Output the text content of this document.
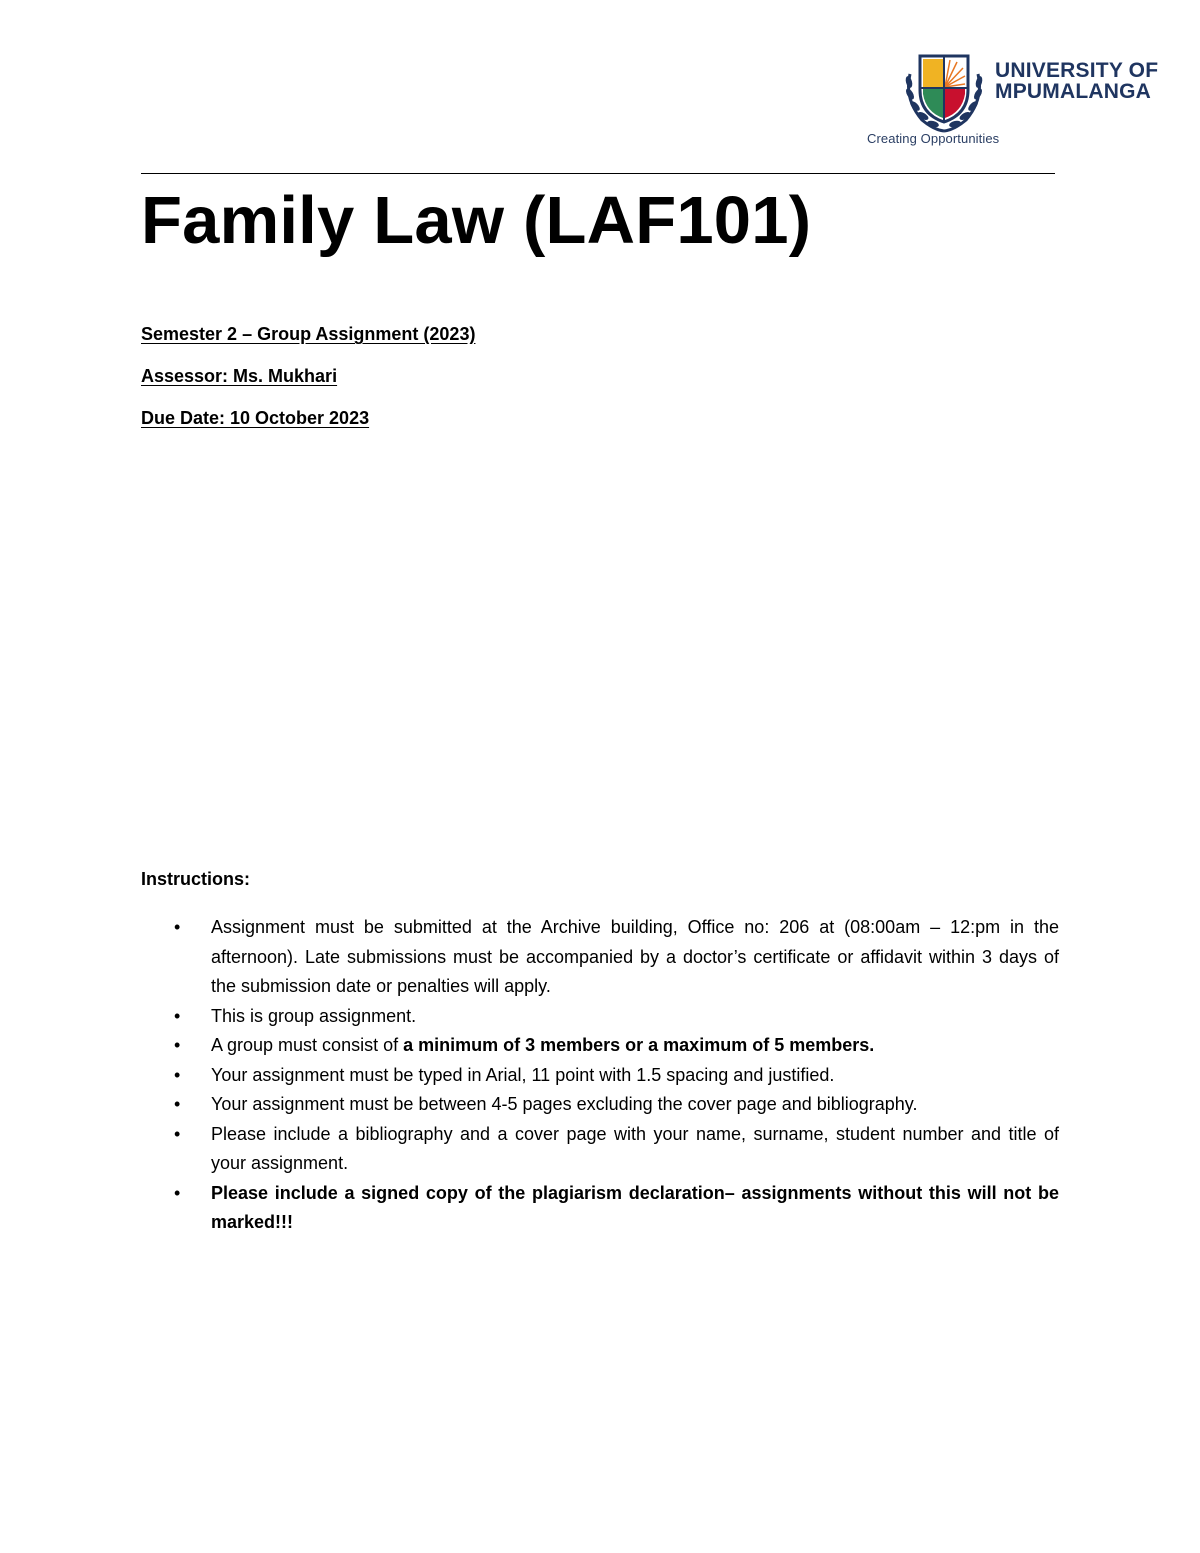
UNIVERSITY OF
MPUMALANGA
Creating Opportunities
Family Law (LAF101)

Semester 2 – Group Assignment (2023)

Assessor: Ms. Mukhari

Due Date: 10 October 2023

Instructions:

• Assignment must be submitted at the Archive building, Office no: 206 at (08:00am – 12:pm in the afternoon). Late submissions must be accompanied by a doctor’s certificate or affidavit within 3 days of the submission date or penalties will apply.
• This is group assignment.
• A group must consist of a minimum of 3 members or a maximum of 5 members.
• Your assignment must be typed in Arial, 11 point with 1.5 spacing and justified.
• Your assignment must be between 4-5 pages excluding the cover page and bibliography.
• Please include a bibliography and a cover page with your name, surname, student number and title of your assignment.
• Please include a signed copy of the plagiarism declaration– assignments without this will not be marked!!!
